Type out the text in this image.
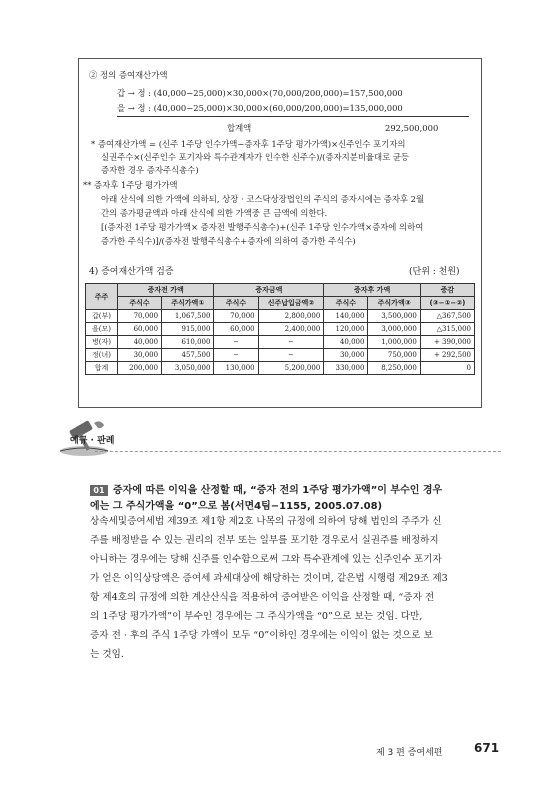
② 정의 증여재산가액
갑 → 정 : (40,000−25,000)×30,000×(70,000/200,000)=157,500,000
을 → 정 : (40,000−25,000)×30,000×(60,000/200,000)=135,000,000
합계액	292,500,000
* 증여재산가액 = (신주 1주당 인수가액−증자후 1주당 평가가액)×신주인수 포기자의
실권주수×(신주인수 포기자와 특수관계자가 인수한 신주수)/(증자지분비율대로 균등
증자한 경우 증자주식총수)
** 증자후 1주당 평가가액
아래 산식에 의한 가액에 의하되, 상장 · 코스닥상장법인의 주식의 증자시에는 증자후 2월
간의 종가평균액과 아래 산식에 의한 가액중 큰 금액에 의한다.
[(증자전 1주당 평가가액× 증자전 발행주식총수)+(신주 1주당 인수가액×증자에 의하여
증가한 주식수)]/(증자전 발행주식총수+증자에 의하여 증가한 주식수)
4) 증여재산가액 검증	(단위 : 천원)
주주	증자전 가액		증자금액		증자후 가액		증감
	주식수	주식가액①	주식수	신주납입금액②	주식수	주식가액③	(③−①−②)
갑(부)	70,000	1,067,500	70,000	2,800,000	140,000	3,500,000	△367,500
을(모)	60,000	915,000	60,000	2,400,000	120,000	3,000,000	△315,000
병(자)	40,000	610,000	−	−	40,000	1,000,000	+ 390,000
정(녀)	30,000	457,500	−	−	30,000	750,000	+ 292,500
합계	200,000	3,050,000	130,000	5,200,000	330,000	8,250,000	0
예규 · 판례
01 증자에 따른 이익을 산정할 때, “증자 전의 1주당 평가가액”이 부수인 경우
에는 그 주식가액을 “0”으로 봄(서면4팀−1155, 2005.07.08)
상속세및증여세법 제39조 제1항 제2호 나목의 규정에 의하여 당해 법인의 주주가 신
주를 배정받을 수 있는 권리의 전부 또는 일부를 포기한 경우로서 실권주를 배정하지
아니하는 경우에는 당해 신주를 인수함으로써 그와 특수관계에 있는 신주인수 포기자
가 얻은 이익상당액은 증여세 과세대상에 해당하는 것이며, 같은법 시행령 제29조 제3
항 제4호의 규정에 의한 계산산식을 적용하여 증여받은 이익을 산정할 때, “증자 전
의 1주당 평가가액”이 부수인 경우에는 그 주식가액을 “0”으로 보는 것임. 다만,
증자 전 · 후의 주식 1주당 가액이 모두 “0”이하인 경우에는 이익이 없는 것으로 보
는 것임.
제 3 편 증여세편	671
